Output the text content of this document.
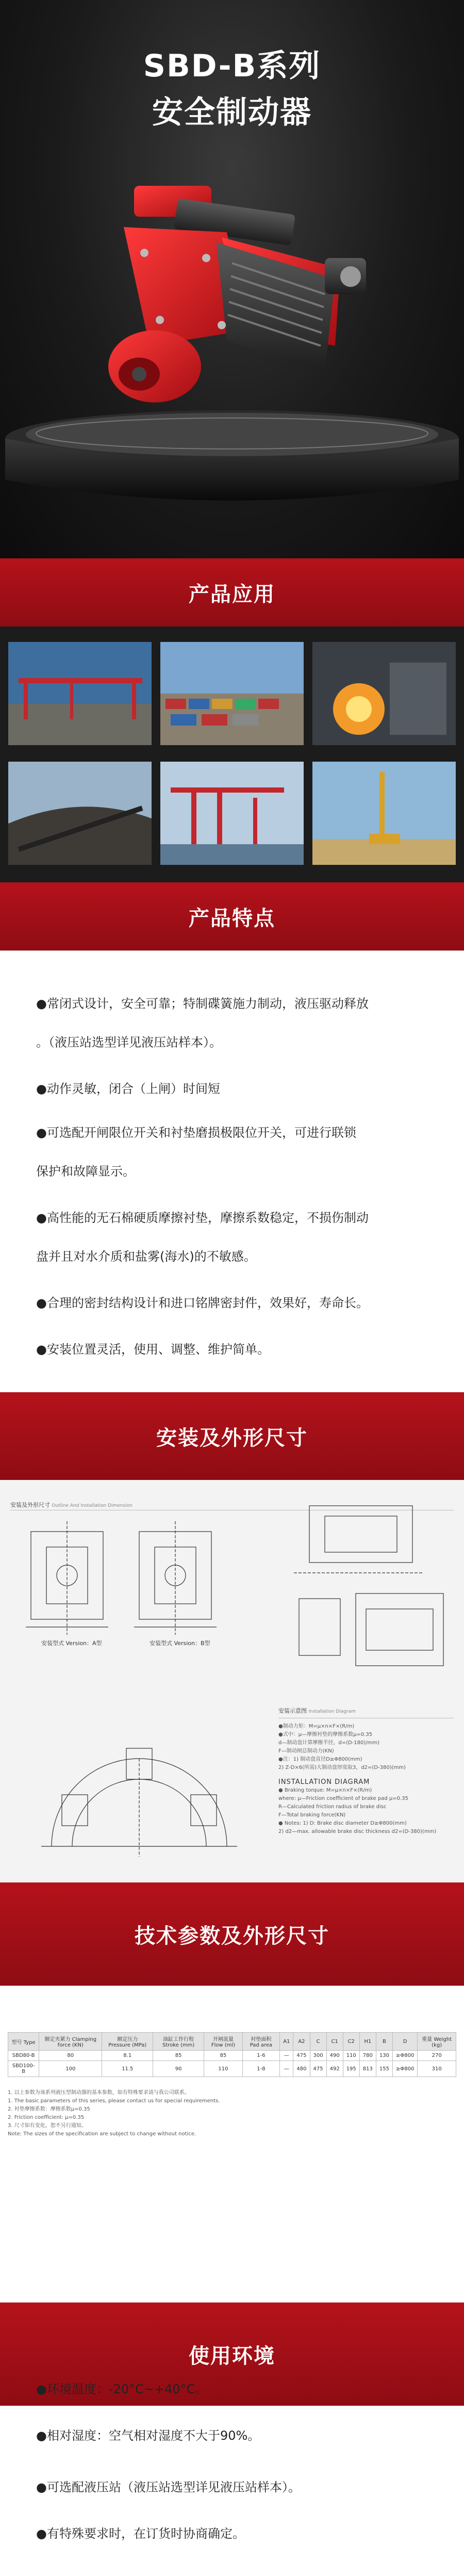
SBD-B系列
安全制动器
产品应用
产品特点
●常闭式设计，安全可靠；特制碟簧施力制动，液压驱动释放
。（液压站选型详见液压站样本）。
●动作灵敏，闭合（上闸）时间短
●可选配开闸限位开关和衬垫磨损极限位开关，可进行联锁
保护和故障显示。
●高性能的无石棉硬质摩擦衬垫，摩擦系数稳定，不损伤制动
盘并且对水介质和盐雾(海水)的不敏感。
●合理的密封结构设计和进口铭牌密封件，效果好，寿命长。
●安装位置灵活，使用、调整、维护简单。
安装及外形尺寸
安装及外形尺寸 Outline And Installation Dimension
安装型式 Version：A型	安装型式 Version：B型
安装示意图 Installation Diagram
●制动力矩：M=μ×n×F×(R/m)
●式中：μ—摩擦衬垫的摩擦系数μ=0.35
d—制动盘计算摩擦半径，d=(D-180)/mm)
F—制动闸总制动力(KN)
●注：1) 制动盘直径D≥Φ800(mm)
2) Z-D×6(所需)大制动盘厚度取3，d2=(D-380)(mm)
INSTALLATION DIAGRAM
● Braking torque: M=μ×n×F×(R/m)
where: μ—Friction coefficient of brake pad μ=0.35
R—Calculated friction radius of brake disc
F—Total braking force(KN)
● Notes: 1) D: Brake disc diameter D≥Φ800(mm)
2) d2—max. allowable brake disc thickness d2=(D-380)(mm)
技术参数及外形尺寸
型号 Type	额定夹紧力 Clamping force (KN)	额定压力 Pressure (MPa)	油缸工作行程 Stroke (mm)	开闸流量 Flow (ml)	衬垫面积 Pad area	A1	A2	C	C1	C2	H1	B	D	重量 Weight (kg)
SBD80-B	80	8.1	85	85	1-6	—	475	300	490	110	780	130	≥Φ800	270
SBD100-B	100	11.5	90	110	1-8	—	480	475	492	195	813	155	≥Φ800	310
1. 以上参数为该系列液压型制动器的基本参数，如有特殊要求请与我公司联系。
1. The basic parameters of this series, please contact us for special requirements.
2. 衬垫摩擦系数：摩擦系数μ=0.35
2. Friction coefficient: μ=0.35
3. 尺寸如有变化，恕不另行通知。
Note: The sizes of the specification are subject to change without notice.
使用环境
●环境温度：-20°C~+40°C。
●相对湿度：空气相对湿度不大于90%。
●可选配液压站（液压站选型详见液压站样本）。
●有特殊要求时，在订货时协商确定。
